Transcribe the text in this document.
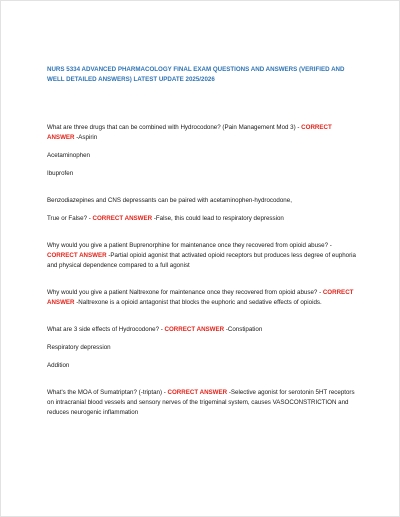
NURS 5334 ADVANCED PHARMACOLOGY FINAL EXAM QUESTIONS AND ANSWERS (VERIFIED AND WELL DETAILED ANSWERS) LATEST UPDATE 2025/2026

What are three drugs that can be combined with Hydrocodone? (Pain Management Mod 3) - CORRECT ANSWER -Aspirin

Acetaminophen

Ibuprofen

Benzodiazepines and CNS depressants can be paired with acetaminophen-hydrocodone,

True or False? - CORRECT ANSWER -False, this could lead to respiratory depression

Why would you give a patient Buprenorphine for maintenance once they recovered from opioid abuse? - CORRECT ANSWER -Partial opioid agonist that activated opioid receptors but produces less degree of euphoria and physical dependence compared to a full agonist

Why would you give a patient Naltrexone for maintenance once they recovered from opioid abuse? - CORRECT ANSWER -Naltrexone is a opioid antagonist that blocks the euphoric and sedative effects of opioids.

What are 3 side effects of Hydrocodone? - CORRECT ANSWER -Constipation

Respiratory depression

Addition

What's the MOA of Sumatriptan? (-triptan) - CORRECT ANSWER -Selective agonist for serotonin 5HT receptors on intracranial blood vessels and sensory nerves of the trigeminal system, causes VASOCONSTRICTION and reduces neurogenic inflammation
